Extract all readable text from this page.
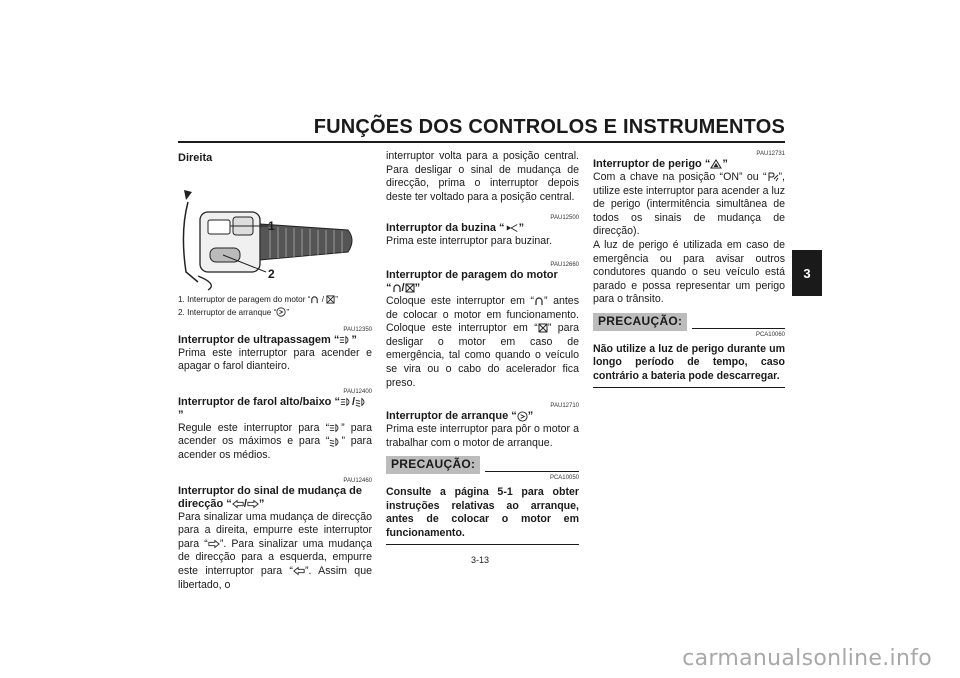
FUNÇÕES DOS CONTROLOS E INSTRUMENTOS
3
Direita
1
2
1. Interruptor de paragem do motor “ / ”
2. Interruptor de arranque “ ”
PAU12350
Interruptor de ultrapassagem “ ”
Prima este interruptor para acender e apagar o farol dianteiro.
PAU12400
Interruptor de farol alto/baixo “ /”
Regule este interruptor para “ ” para acender os máximos e para “ ” para acender os médios.
PAU12460
Interruptor do sinal de mudança de
direcção “ / ”
Para sinalizar uma mudança de direcção para a direita, empurre este interruptor para “ ”. Para sinalizar uma mudança de direcção para a esquerda, empurre este interruptor para “ ”. Assim que libertado, o
interruptor volta para a posição central. Para desligar o sinal de mudança de direcção, prima o interruptor depois deste ter voltado para a posição central.
PAU12500
Interruptor da buzina “ ”
Prima este interruptor para buzinar.
PAU12660
Interruptor de paragem do motor
“ / ”
Coloque este interruptor em “ ” antes de colocar o motor em funcionamento. Coloque este interruptor em “ ” para desligar o motor em caso de emergência, tal como quando o veículo se vira ou o cabo do acelerador fica preso.
PAU12710
Interruptor de arranque “ ”
Prima este interruptor para pôr o motor a trabalhar com o motor de arranque.
PRECAUÇÃO:
PCA10050
Consulte a página 5-1 para obter instruções relativas ao arranque, antes de colocar o motor em funcionamento.
PAU12731
Interruptor de perigo “ ”
Com a chave na posição “ON” ou “ ”, utilize este interruptor para acender a luz de perigo (intermitência simultânea de todos os sinais de mudança de direcção).
A luz de perigo é utilizada em caso de emergência ou para avisar outros condutores quando o seu veículo está parado e possa representar um perigo para o trânsito.
PRECAUÇÃO:
PCA10060
Não utilize a luz de perigo durante um longo período de tempo, caso contrário a bateria pode descarregar.
3-13
carmanualsonline.info
